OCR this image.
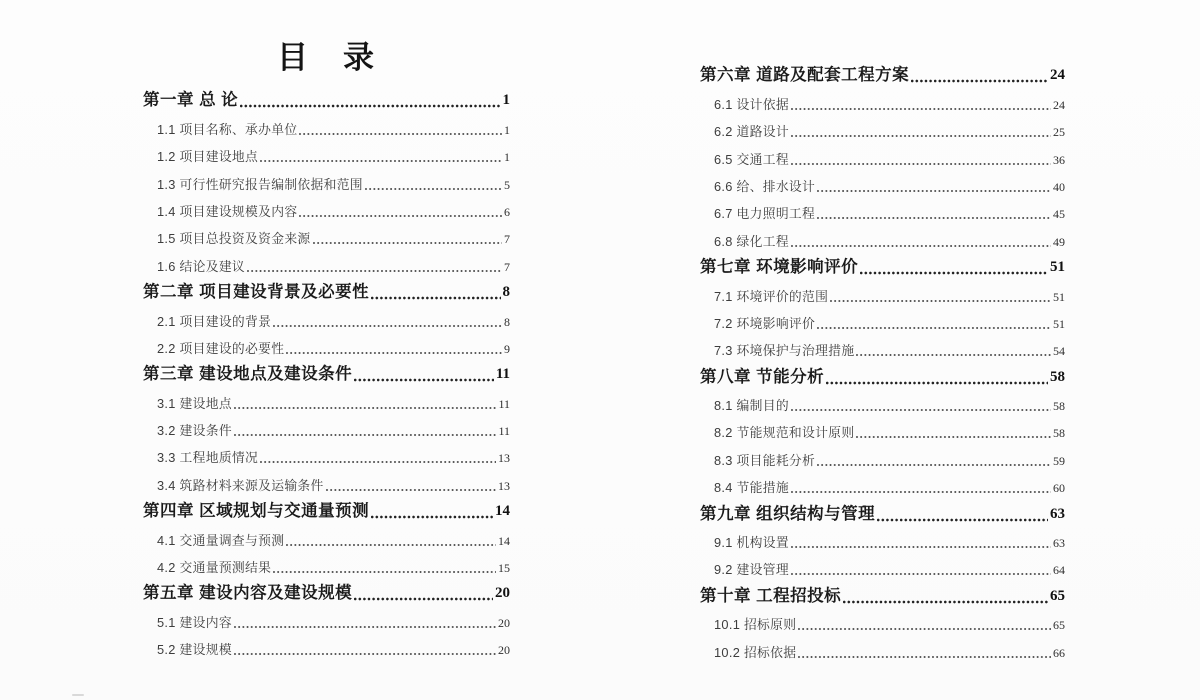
目　录
第一章 总 论	1
1.1 项目名称、承办单位	1
1.2 项目建设地点	1
1.3 可行性研究报告编制依据和范围	5
1.4 项目建设规模及内容	6
1.5 项目总投资及资金来源	7
1.6 结论及建议	7
第二章 项目建设背景及必要性	8
2.1 项目建设的背景	8
2.2 项目建设的必要性	9
第三章 建设地点及建设条件	11
3.1 建设地点	11
3.2 建设条件	11
3.3 工程地质情况	13
3.4 筑路材料来源及运输条件	13
第四章 区域规划与交通量预测	14
4.1 交通量调查与预测	14
4.2 交通量预测结果	15
第五章 建设内容及建设规模	20
5.1 建设内容	20
5.2 建设规模	20
第六章 道路及配套工程方案	24
6.1 设计依据	24
6.2 道路设计	25
6.5 交通工程	36
6.6 给、排水设计	40
6.7 电力照明工程	45
6.8 绿化工程	49
第七章 环境影响评价	51
7.1 环境评价的范围	51
7.2 环境影响评价	51
7.3 环境保护与治理措施	54
第八章 节能分析	58
8.1 编制目的	58
8.2 节能规范和设计原则	58
8.3 项目能耗分析	59
8.4 节能措施	60
第九章 组织结构与管理	63
9.1 机构设置	63
9.2 建设管理	64
第十章 工程招投标	65
10.1 招标原则	65
10.2 招标依据	66
